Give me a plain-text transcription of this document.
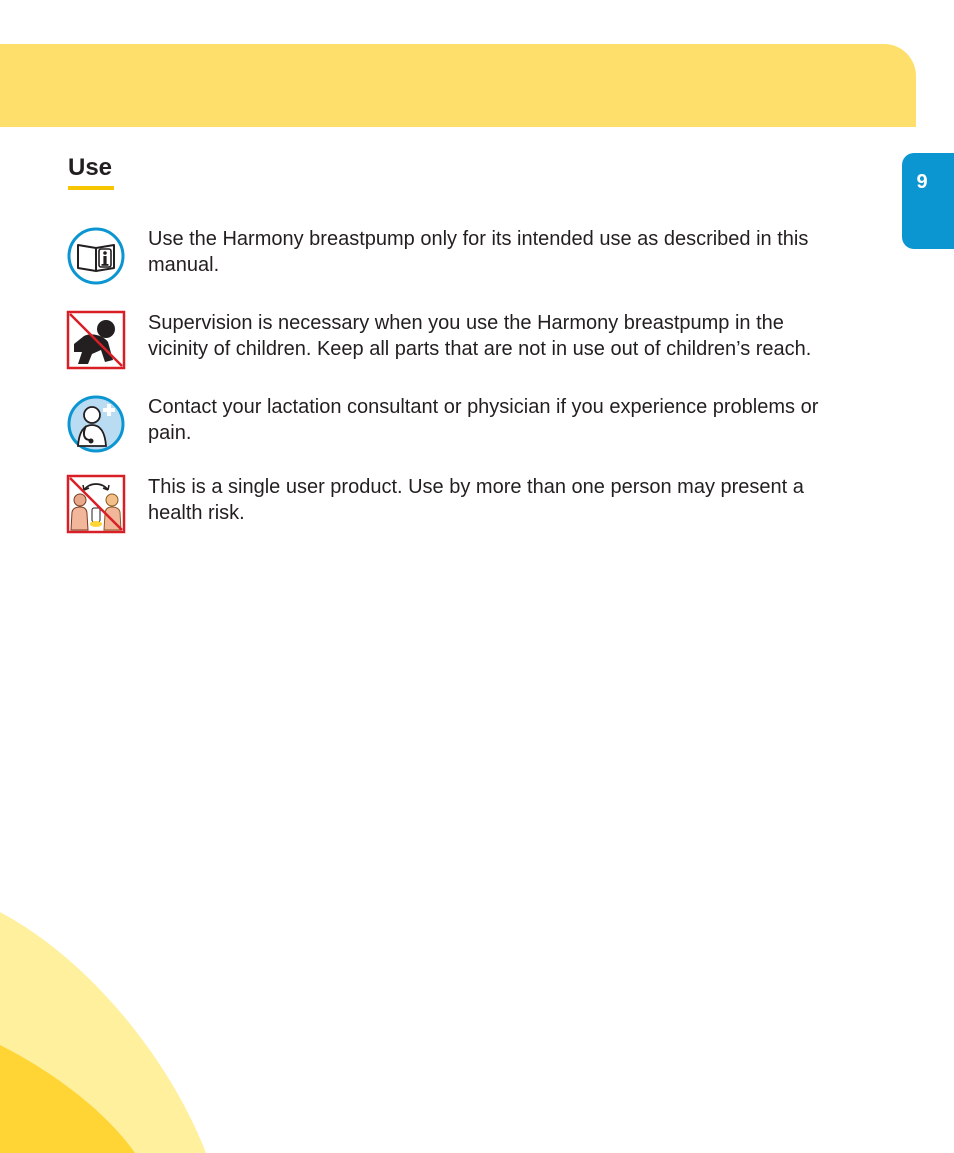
9
Use

Use the Harmony breastpump only for its intended use as described in this manual.

Supervision is necessary when you use the Harmony breastpump in the vicinity of children. Keep all parts that are not in use out of children’s reach.

Contact your lactation consultant or physician if you experience problems or pain.

This is a single user product. Use by more than one person may present a health risk.
